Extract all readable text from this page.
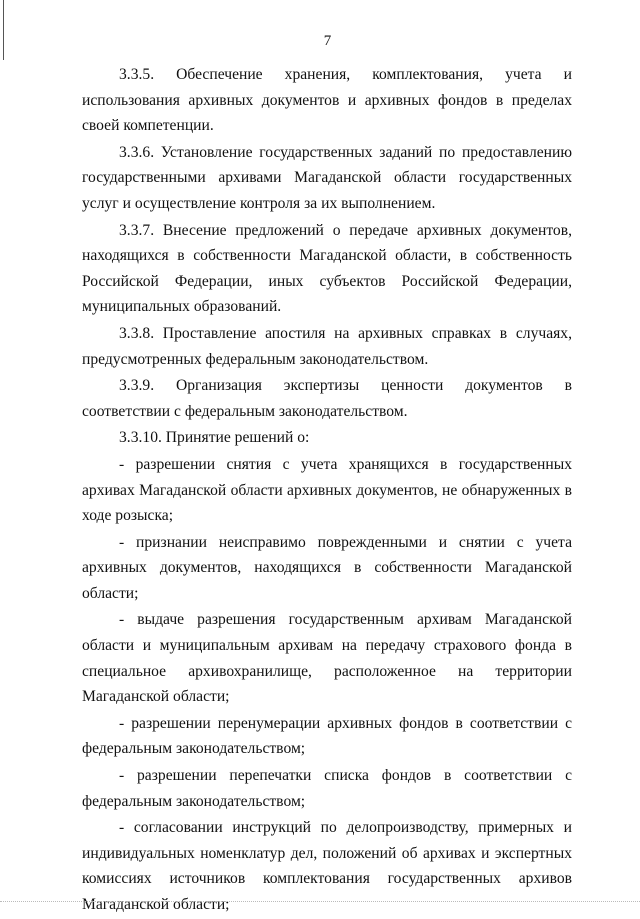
7

3.3.5. Обеспечение хранения, комплектования, учета и использования архивных документов и архивных фондов в пределах своей компетенции.

3.3.6. Установление государственных заданий по предоставлению государственными архивами Магаданской области государственных услуг и осуществление контроля за их выполнением.

3.3.7. Внесение предложений о передаче архивных документов, находящихся в собственности Магаданской области, в собственность Российской Федерации, иных субъектов Российской Федерации, муниципальных образований.

3.3.8. Проставление апостиля на архивных справках в случаях, предусмотренных федеральным законодательством.

3.3.9. Организация экспертизы ценности документов в соответствии с федеральным законодательством.

3.3.10. Принятие решений о:

- разрешении снятия с учета хранящихся в государственных архивах Магаданской области архивных документов, не обнаруженных в ходе розыска;

- признании неисправимо поврежденными и снятии с учета архивных документов, находящихся в собственности Магаданской области;

- выдаче разрешения государственным архивам Магаданской области и муниципальным архивам на передачу страхового фонда в специальное архивохранилище, расположенное на территории Магаданской области;

- разрешении перенумерации архивных фондов в соответствии с федеральным законодательством;

- разрешении перепечатки списка фондов в соответствии с федеральным законодательством;

- согласовании инструкций по делопроизводству, примерных и индивидуальных номенклатур дел, положений об архивах и экспертных комиссиях источников комплектования государственных архивов Магаданской области;
